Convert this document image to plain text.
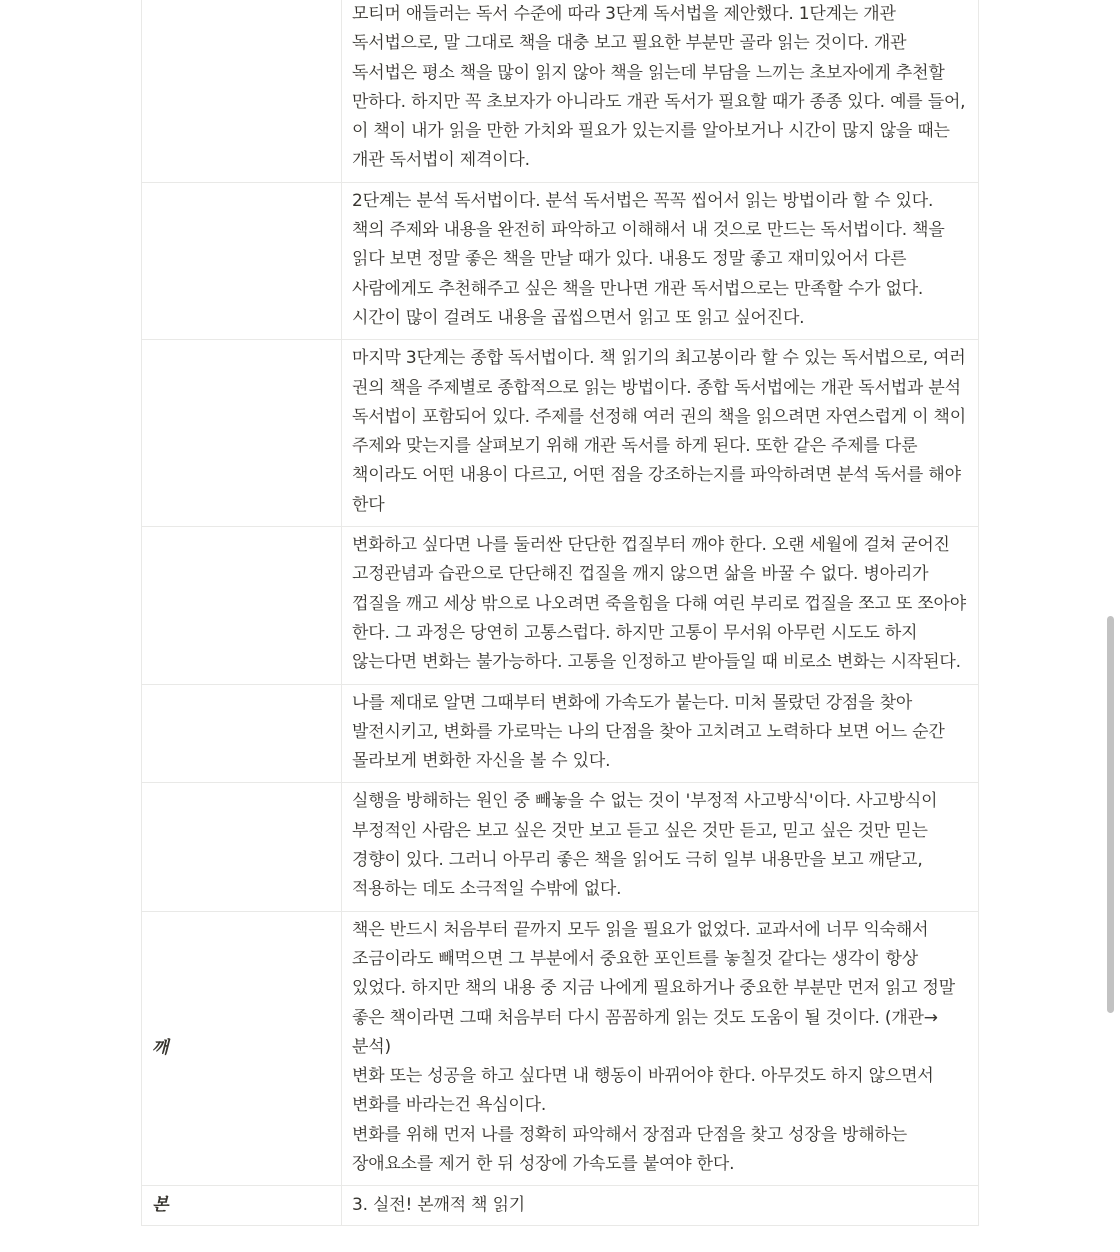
	모티머 애들러는 독서 수준에 따라 3단계 독서법을 제안했다. 1단계는 개관 독서법으로, 말 그대로 책을 대충 보고 필요한 부분만 골라 읽는 것이다. 개관 독서법은 평소 책을 많이 읽지 않아 책을 읽는데 부담을 느끼는 초보자에게 추천할 만하다. 하지만 꼭 초보자가 아니라도 개관 독서가 필요할 때가 종종 있다. 예를 들어, 이 책이 내가 읽을 만한 가치와 필요가 있는지를 알아보거나 시간이 많지 않을 때는 개관 독서법이 제격이다.

	2단계는 분석 독서법이다. 분석 독서법은 꼭꼭 씹어서 읽는 방법이라 할 수 있다. 책의 주제와 내용을 완전히 파악하고 이해해서 내 것으로 만드는 독서법이다. 책을 읽다 보면 정말 좋은 책을 만날 때가 있다. 내용도 정말 좋고 재미있어서 다른 사람에게도 추천해주고 싶은 책을 만나면 개관 독서법으로는 만족할 수가 없다. 시간이 많이 걸려도 내용을 곱씹으면서 읽고 또 읽고 싶어진다.

	마지막 3단계는 종합 독서법이다. 책 읽기의 최고봉이라 할 수 있는 독서법으로, 여러 권의 책을 주제별로 종합적으로 읽는 방법이다. 종합 독서법에는 개관 독서법과 분석 독서법이 포함되어 있다. 주제를 선정해 여러 권의 책을 읽으려면 자연스럽게 이 책이 주제와 맞는지를 살펴보기 위해 개관 독서를 하게 된다. 또한 같은 주제를 다룬 책이라도 어떤 내용이 다르고, 어떤 점을 강조하는지를 파악하려면 분석 독서를 해야 한다

	변화하고 싶다면 나를 둘러싼 단단한 껍질부터 깨야 한다. 오랜 세월에 걸쳐 굳어진 고정관념과 습관으로 단단해진 껍질을 깨지 않으면 삶을 바꿀 수 없다. 병아리가 껍질을 깨고 세상 밖으로 나오려면 죽을힘을 다해 여린 부리로 껍질을 쪼고 또 쪼아야 한다. 그 과정은 당연히 고통스럽다. 하지만 고통이 무서워 아무런 시도도 하지 않는다면 변화는 불가능하다. 고통을 인정하고 받아들일 때 비로소 변화는 시작된다.

	나를 제대로 알면 그때부터 변화에 가속도가 붙는다. 미처 몰랐던 강점을 찾아 발전시키고, 변화를 가로막는 나의 단점을 찾아 고치려고 노력하다 보면 어느 순간 몰라보게 변화한 자신을 볼 수 있다.

	실행을 방해하는 원인 중 빼놓을 수 없는 것이 '부정적 사고방식'이다. 사고방식이 부정적인 사람은 보고 싶은 것만 보고 듣고 싶은 것만 듣고, 믿고 싶은 것만 믿는 경향이 있다. 그러니 아무리 좋은 책을 읽어도 극히 일부 내용만을 보고 깨닫고, 적용하는 데도 소극적일 수밖에 없다.

깨	책은 반드시 처음부터 끝까지 모두 읽을 필요가 없었다. 교과서에 너무 익숙해서 조금이라도 빼먹으면 그 부분에서 중요한 포인트를 놓칠것 같다는 생각이 항상 있었다. 하지만 책의 내용 중 지금 나에게 필요하거나 중요한 부분만 먼저 읽고 정말 좋은 책이라면 그때 처음부터 다시 꼼꼼하게 읽는 것도 도움이 될 것이다. (개관→분석)
변화 또는 성공을 하고 싶다면 내 행동이 바뀌어야 한다. 아무것도 하지 않으면서 변화를 바라는건 욕심이다.
변화를 위해 먼저 나를 정확히 파악해서 장점과 단점을 찾고 성장을 방해하는 장애요소를 제거 한 뒤 성장에 가속도를 붙여야 한다.

본	3. 실전! 본깨적 책 읽기
